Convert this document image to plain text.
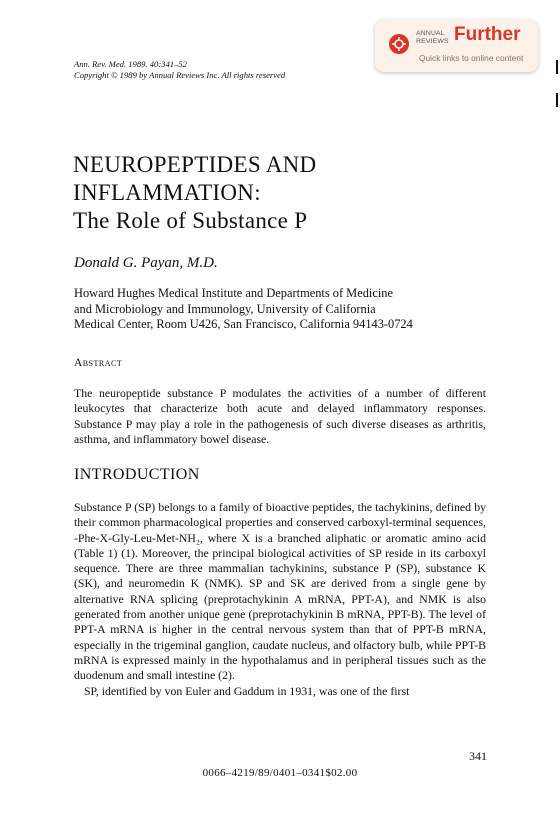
Ann. Rev. Med. 1989. 40:341–52
Copyright © 1989 by Annual Reviews Inc. All rights reserved
ANNUAL
REVIEWS Further
Quick links to online content
NEUROPEPTIDES AND
INFLAMMATION:
The Role of Substance P
Donald G. Payan, M.D.
Howard Hughes Medical Institute and Departments of Medicine
and Microbiology and Immunology, University of California
Medical Center, Room U426, San Francisco, California 94143-0724
Abstract
The neuropeptide substance P modulates the activities of a number of different leukocytes that characterize both acute and delayed inflammatory responses. Substance P may play a role in the pathogenesis of such diverse diseases as arthritis, asthma, and inflammatory bowel disease.
INTRODUCTION

Substance P (SP) belongs to a family of bioactive peptides, the tachykinins, defined by their common pharmacological properties and conserved carboxyl-terminal sequences, -Phe-X-Gly-Leu-Met-NH₂, where X is a branched aliphatic or aromatic amino acid (Table 1) (1). Moreover, the principal biological activities of SP reside in its carboxyl sequence. There are three mammalian tachykinins, substance P (SP), substance K (SK), and neuromedin K (NMK). SP and SK are derived from a single gene by alternative RNA splicing (preprotachykinin A mRNA, PPT-A), and NMK is also generated from another unique gene (preprotachykinin B mRNA, PPT-B). The level of PPT-A mRNA is higher in the central nervous system than that of PPT-B mRNA, especially in the trigeminal ganglion, caudate nucleus, and olfactory bulb, while PPT-B mRNA is expressed mainly in the hypothalamus and in peripheral tissues such as the duodenum and small intestine (2).

SP, identified by von Euler and Gaddum in 1931, was one of the first

341
0066–4219/89/0401–0341$02.00
